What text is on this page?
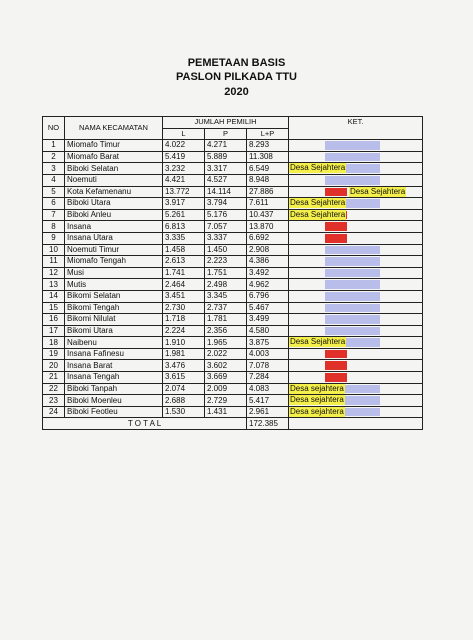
PEMETAAN BASIS
PASLON PILKADA TTU
2020
NO	NAMA KECAMATAN	JUMLAH PEMILIH			KET.
		L	P	L+P	
1	Miomafo Timur	4.022	4.271	8.293	

2	Miomafo Barat	5.419	5.889	11.308	

3	Biboki Selatan	3.232	3.317	6.549	Desa Sejahtera

4	Noemuti	4.421	4.527	8.948	

5	Kota Kefamenanu	13.772	14.114	27.886	Desa Sejahtera

6	Biboki Utara	3.917	3.794	7.611	Desa Sejahtera

7	Biboki Anleu	5.261	5.176	10.437	Desa Sejahtera

8	Insana	6.813	7.057	13.870	

9	Insana Utara	3.335	3.337	6.692	

10	Noemuti Timur	1.458	1.450	2.908	

11	Miomafo Tengah	2.613	2.223	4.386	

12	Musi	1.741	1.751	3.492	

13	Mutis	2.464	2.498	4.962	

14	Bikomi Selatan	3.451	3.345	6.796	

15	Bikomi Tengah	2.730	2.737	5.467	

16	Bikomi Nilulat	1.718	1.781	3.499	

17	Bikomi Utara	2.224	2.356	4.580	

18	Naibenu	1.910	1.965	3.875	Desa Sejahtera

19	Insana Fafinesu	1.981	2.022	4.003	

20	Insana Barat	3.476	3.602	7.078	

21	Insana Tengah	3.615	3.669	7.284	

22	Biboki Tanpah	2.074	2.009	4.083	Desa sejahtera

23	Biboki Moenleu	2.688	2.729	5.417	Desa sejahtera

24	Biboki Feotleu	1.530	1.431	2.961	Desa sejahtera

T O T A L				172.385	
